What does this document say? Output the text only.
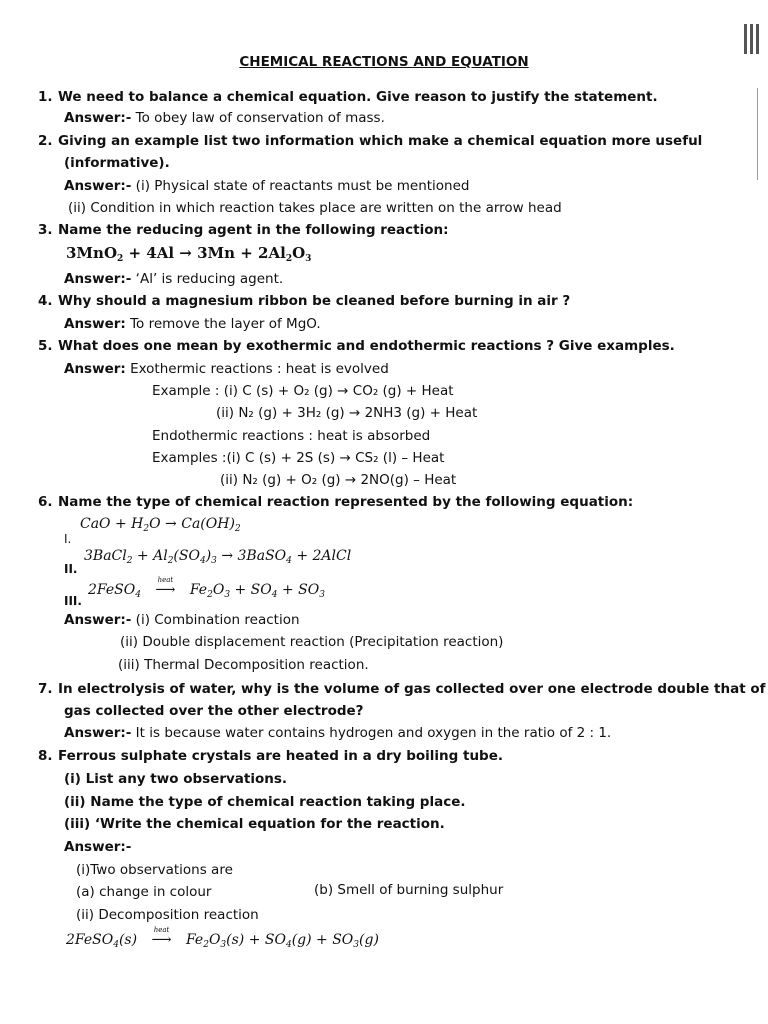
CHEMICAL REACTIONS AND EQUATION
1. We need to balance a chemical equation. Give reason to justify the statement.
Answer:- To obey law of conservation of mass.
2. Giving an example list two information which make a chemical equation more useful
(informative).
Answer:- (i) Physical state of reactants must be mentioned
(ii) Condition in which reaction takes place are written on the arrow head
3. Name the reducing agent in the following reaction:
$3MnO_2 + 4Al \to 3Mn + 2Al_2O_3$
Answer:- ‘Al’ is reducing agent.
4. Why should a magnesium ribbon be cleaned before burning in air ?
Answer: To remove the layer of MgO.
5. What does one mean by exothermic and endothermic reactions ? Give examples.
Answer: Exothermic reactions : heat is evolved
Example : (i) C (s) + O₂ (g) → CO₂ (g) + Heat
(ii) N₂ (g) + 3H₂ (g) → 2NH3 (g) + Heat
Endothermic reactions : heat is absorbed
Examples :(i) C (s) + 2S (s) → CS₂ (l) – Heat
(ii) N₂ (g) + O₂ (g) → 2NO(g) – Heat
6. Name the type of chemical reaction represented by the following equation:
I.
CaO + $H_2O \to Ca(OH)_2$
II.
3BaCl$_2$ + $Al_2(SO_4)_3$ → 3BaSO$_4$ + 2AlCl
III.
2FeSO$_4$
heat
⟶ $Fe_2O_3 + SO_4 + SO_3$
Answer:- (i) Combination reaction
(ii) Double displacement reaction (Precipitation reaction)
(iii) Thermal Decomposition reaction.
7. In electrolysis of water, why is the volume of gas collected over one electrode double that of
gas collected over the other electrode?
Answer:- It is because water contains hydrogen and oxygen in the ratio of 2 : 1.
8. Ferrous sulphate crystals are heated in a dry boiling tube.
(i) List any two observations.
(ii) Name the type of chemical reaction taking place.
(iii) ‘Write the chemical equation for the reaction.
Answer:-
(i)Two observations are
(a) change in colour	(b) Smell of burning sulphur
(ii) Decomposition reaction
2FeSO$_4$(s)
heat
⟶ $Fe_2O_3(s) + SO_4(g) + SO_3(g)$
